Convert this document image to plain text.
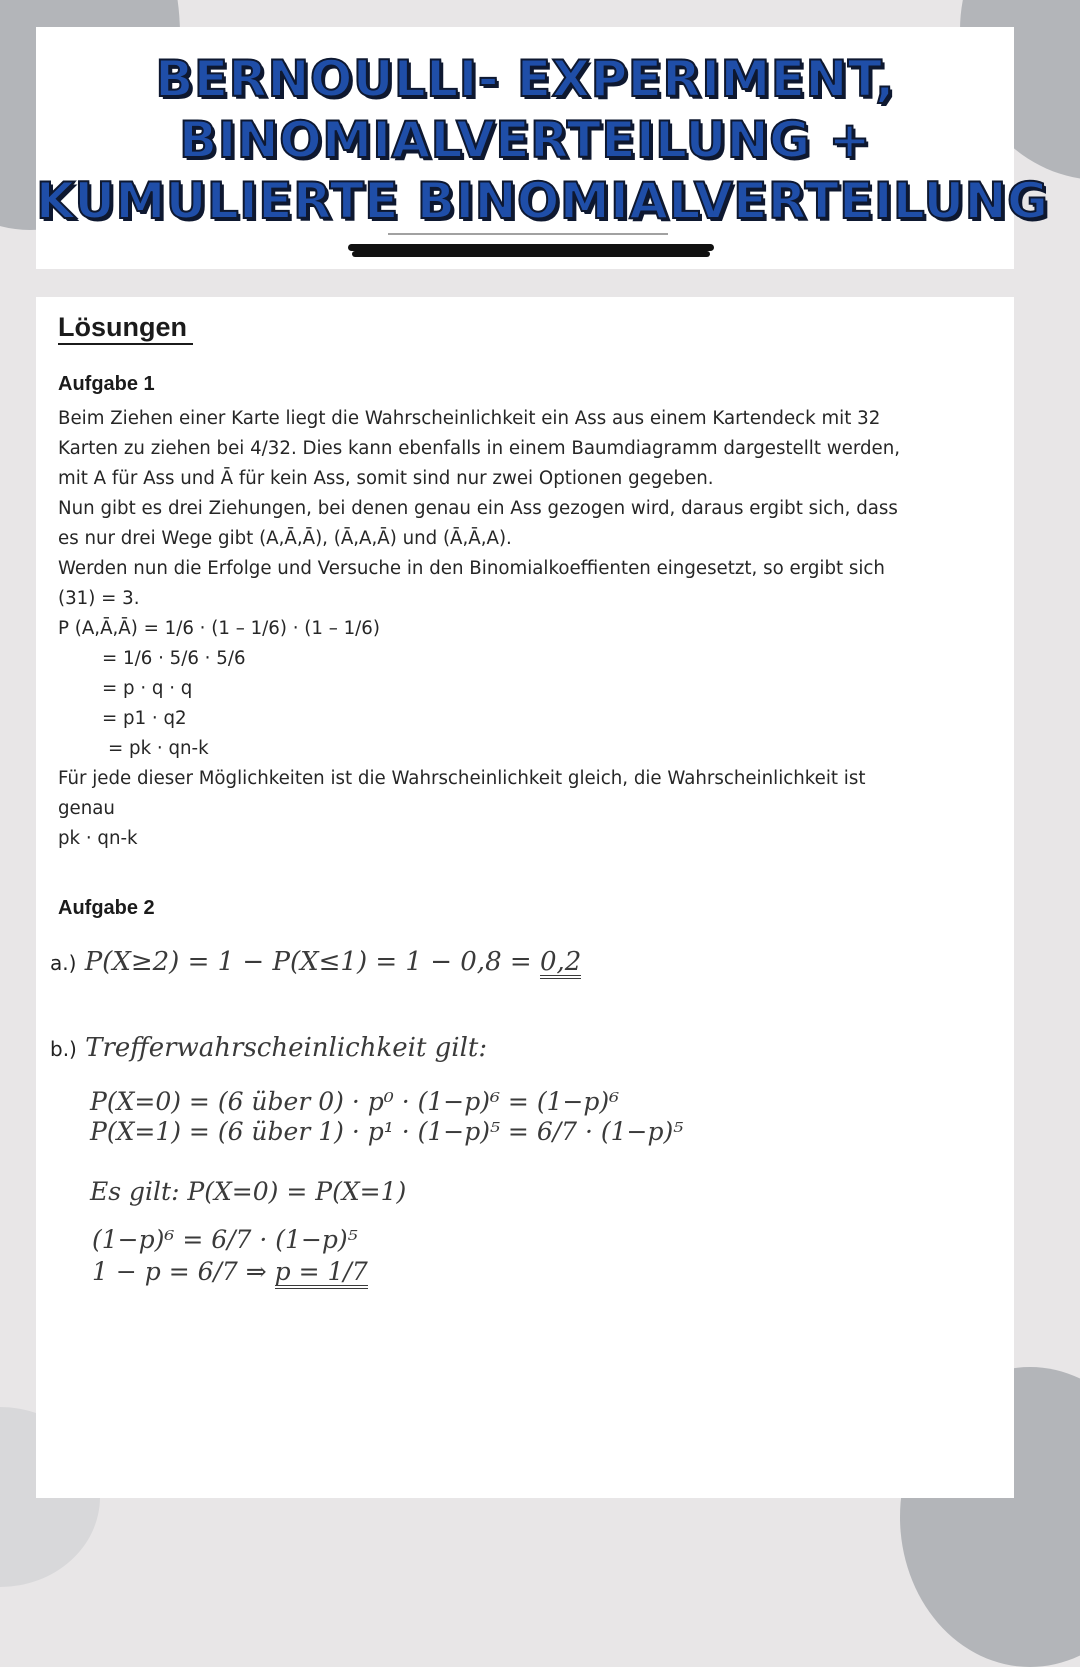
BERNOULLI- EXPERIMENT,
BINOMIALVERTEILUNG +
KUMULIERTE BINOMIALVERTEILUNG
Lösungen
Aufgabe 1
Beim Ziehen einer Karte liegt die Wahrscheinlichkeit ein Ass aus einem Kartendeck mit 32
Karten zu ziehen bei 4/32. Dies kann ebenfalls in einem Baumdiagramm dargestellt werden,
mit A für Ass und Ā für kein Ass, somit sind nur zwei Optionen gegeben.
Nun gibt es drei Ziehungen, bei denen genau ein Ass gezogen wird, daraus ergibt sich, dass
es nur drei Wege gibt (A,Ā,Ā), (Ā,A,Ā) und (Ā,Ā,A).
Werden nun die Erfolge und Versuche in den Binomialkoeffienten eingesetzt, so ergibt sich
(31) = 3.
P (A,Ā,Ā) = 1/6 · (1 – 1/6) · (1 – 1/6)
= 1/6 · 5/6 · 5/6
= p · q · q
= p1 · q2
= pk · qn-k
Für jede dieser Möglichkeiten ist die Wahrscheinlichkeit gleich, die Wahrscheinlichkeit ist
genau
pk · qn-k
Aufgabe 2
a.) P(X≥2) = 1 − P(X≤1) = 1 − 0,8 = 0,2
b.) Trefferwahrscheinlichkeit gilt:
P(X=0) = (6 über 0) · p⁰ · (1−p)⁶ = (1−p)⁶
P(X=1) = (6 über 1) · p¹ · (1−p)⁵ = 6/7 · (1−p)⁵
Es gilt: P(X=0) = P(X=1)
(1−p)⁶ = 6/7 · (1−p)⁵
1 − p = 6/7 ⇒ p = 1/7
